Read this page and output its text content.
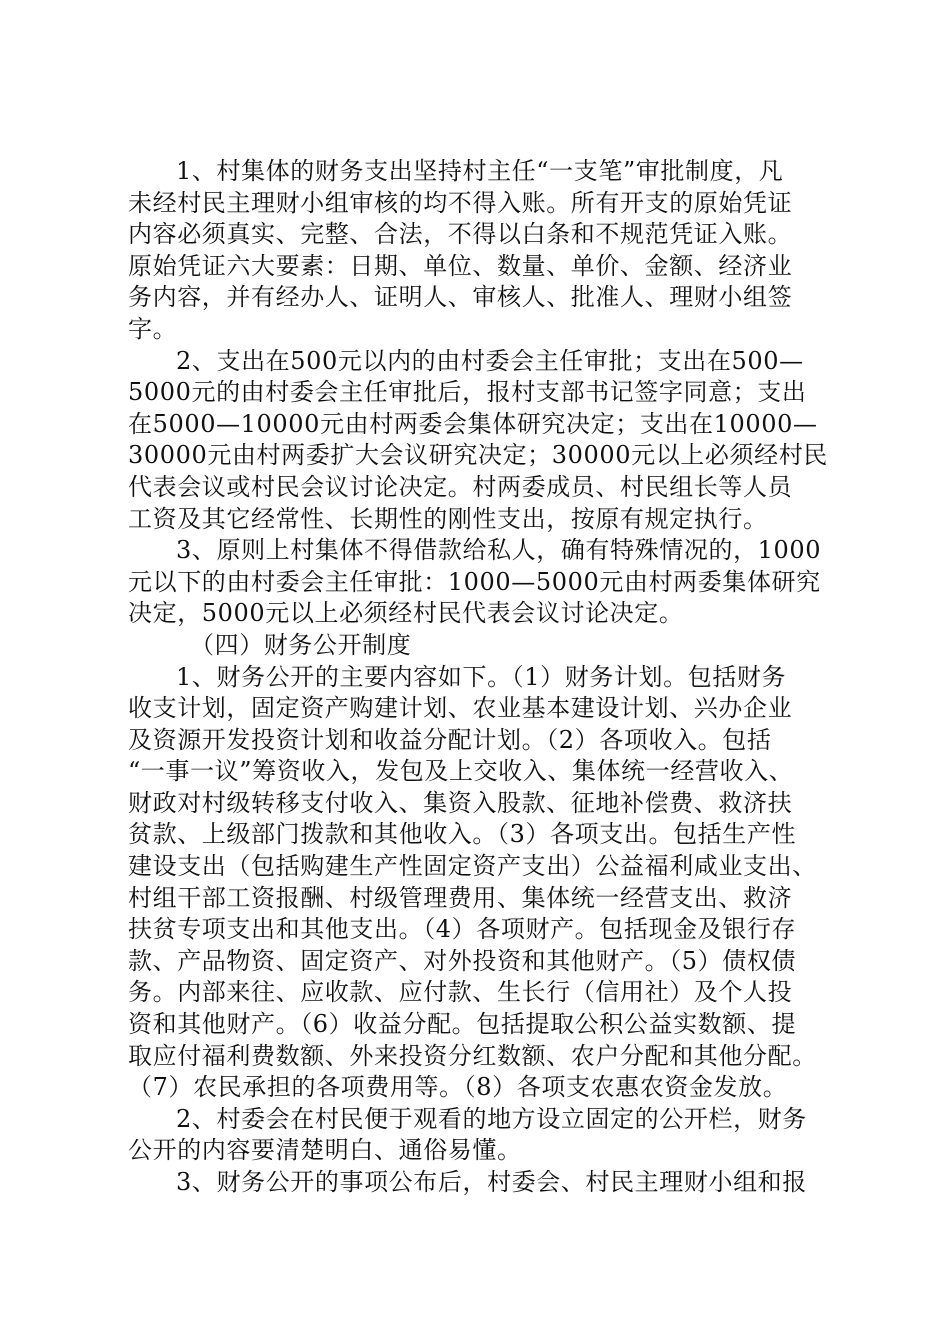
1、村集体的财务支出坚持村主任“一支笔”审批制度，凡
未经村民主理财小组审核的均不得入账。所有开支的原始凭证
内容必须真实、完整、合法，不得以白条和不规范凭证入账。
原始凭证六大要素：日期、单位、数量、单价、金额、经济业
务内容，并有经办人、证明人、审核人、批准人、理财小组签
字。
2、支出在500元以内的由村委会主任审批；支出在500—
5000元的由村委会主任审批后，报村支部书记签字同意；支出
在5000—10000元由村两委会集体研究决定；支出在10000—
30000元由村两委扩大会议研究决定；30000元以上必须经村民
代表会议或村民会议讨论决定。村两委成员、村民组长等人员
工资及其它经常性、长期性的刚性支出，按原有规定执行。
3、原则上村集体不得借款给私人，确有特殊情况的，1000
元以下的由村委会主任审批：1000—5000元由村两委集体研究
决定，5000元以上必须经村民代表会议讨论决定。
（四）财务公开制度
1、财务公开的主要内容如下。（1）财务计划。包括财务
收支计划，固定资产购建计划、农业基本建设计划、兴办企业
及资源开发投资计划和收益分配计划。（2）各项收入。包括
“一事一议”筹资收入，发包及上交收入、集体统一经营收入、
财政对村级转移支付收入、集资入股款、征地补偿费、救济扶
贫款、上级部门拨款和其他收入。（3）各项支出。包括生产性
建设支出（包括购建生产性固定资产支出）公益福利咸业支出、
村组干部工资报酬、村级管理费用、集体统一经营支出、救济
扶贫专项支出和其他支出。（4）各项财产。包括现金及银行存
款、产品物资、固定资产、对外投资和其他财产。（5）债权债
务。内部来往、应收款、应付款、生长行（信用社）及个人投
资和其他财产。（6）收益分配。包括提取公积公益实数额、提
取应付福利费数额、外来投资分红数额、农户分配和其他分配。
（7）农民承担的各项费用等。（8）各项支农惠农资金发放。
2、村委会在村民便于观看的地方设立固定的公开栏，财务
公开的内容要清楚明白、通俗易懂。
3、财务公开的事项公布后，村委会、村民主理财小组和报
